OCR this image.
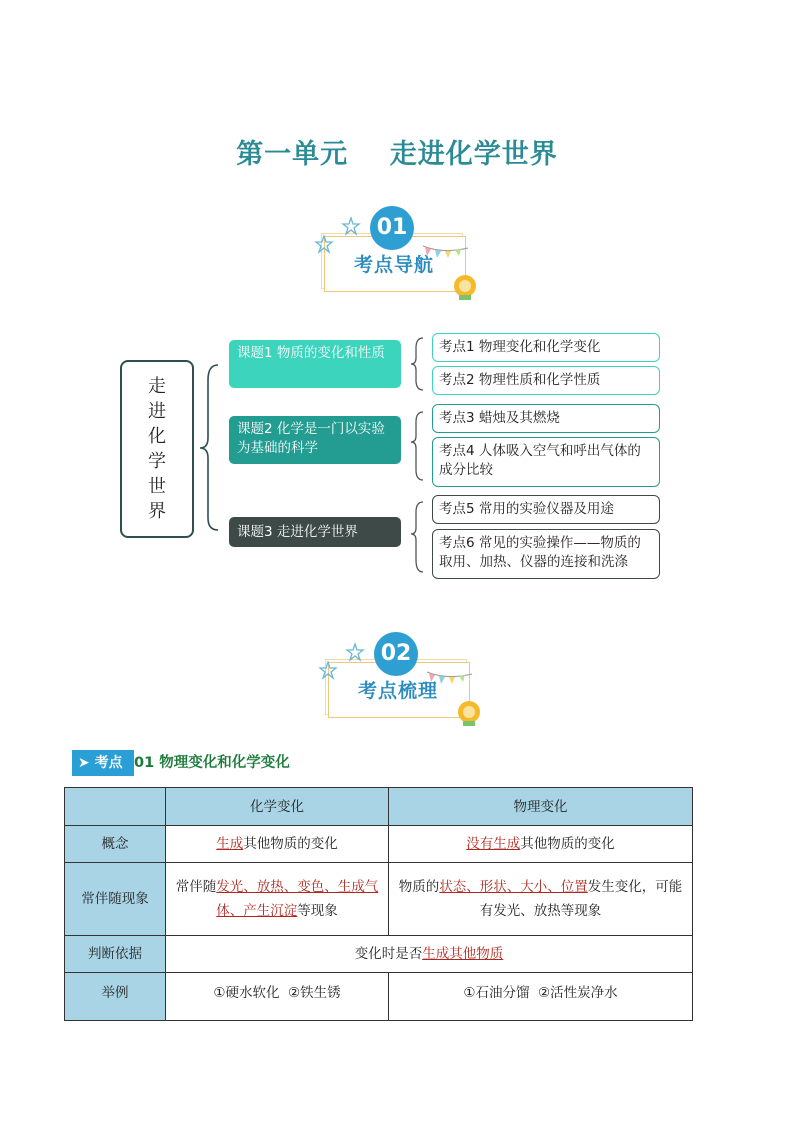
第一单元    走进化学世界
考点导航
01
走
进
化
学
世
界
课题1 物质的变化和性质
课题2 化学是一门以实验为基础的科学
课题3 走进化学世界
考点1 物理变化和化学变化
考点2 物理性质和化学性质
考点3 蜡烛及其燃烧
考点4 人体吸入空气和呼出气体的成分比较
考点5 常用的实验仪器及用途
考点6 常见的实验操作——物质的取用、加热、仪器的连接和洗涤
考点梳理
02
➤ 考点 01 物理变化和化学变化
	化学变化	物理变化
概念	生成其他物质的变化	没有生成其他物质的变化
常伴随现象	常伴随发光、放热、变色、生成气体、产生沉淀等现象	物质的状态、形状、大小、位置发生变化，可能有发光、放热等现象
判断依据	变化时是否生成其他物质	
举例	①硬水软化  ②铁生锈	①石油分馏  ②活性炭净水
